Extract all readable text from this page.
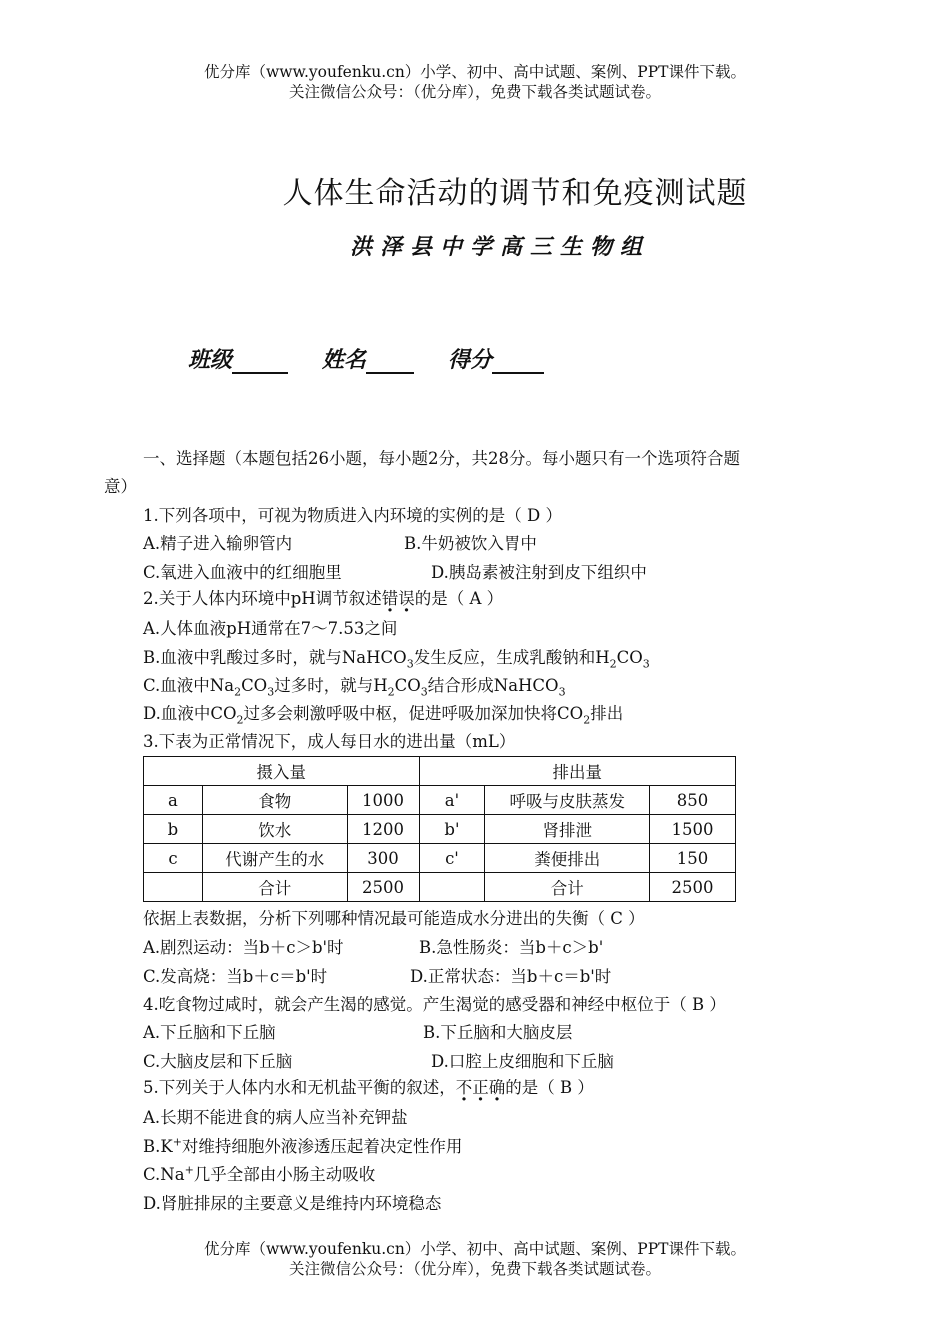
优分库（www.youfenku.cn）小学、初中、高中试题、案例、PPT课件下载。
关注微信公众号：（优分库），免费下载各类试题试卷。
人体生命活动的调节和免疫测试题
洪泽县中学高三生物组
班级	姓名	得分
一、选择题（本题包括26小题，每小题2分，共28分。每小题只有一个选项符合题
意）
1.下列各项中，可视为物质进入内环境的实例的是（ D ）
A.精子进入输卵管内	B.牛奶被饮入胃中
C.氧进入血液中的红细胞里	D.胰岛素被注射到皮下组织中
2.关于人体内环境中pH调节叙述错误的是（ A ）
A.人体血液pH通常在7～7.53之间
B.血液中乳酸过多时，就与NaHCO$_3$发生反应，生成乳酸钠和$H_2CO_3$
C.血液中$Na_2CO_3$过多时，就与$H_2CO_3$结合形成NaHCO$_3$
D.血液中$CO_2$过多会刺激呼吸中枢，促进呼吸加深加快将$CO_2$排出
3.下表为正常情况下，成人每日水的进出量（mL）
摄入量			排出量		
a	食物	1000	a'	呼吸与皮肤蒸发	850
b	饮水	1200	b'	肾排泄	1500
c	代谢产生的水	300	c'	粪便排出	150
	合计	2500		合计	2500
依据上表数据，分析下列哪种情况最可能造成水分进出的失衡（ C ）
A.剧烈运动：当b＋c＞b'时	B.急性肠炎：当b＋c＞b'
C.发高烧：当b＋c＝b'时	D.正常状态：当b＋c＝b'时
4.吃食物过咸时，就会产生渴的感觉。产生渴觉的感受器和神经中枢位于（ B ）
A.下丘脑和下丘脑	B.下丘脑和大脑皮层
C.大脑皮层和下丘脑	D.口腔上皮细胞和下丘脑
5.下列关于人体内水和无机盐平衡的叙述，不正确的是（ B ）
A.长期不能进食的病人应当补充钾盐
B.K+对维持细胞外液渗透压起着决定性作用
C.Na+几乎全部由小肠主动吸收
D.肾脏排尿的主要意义是维持内环境稳态
优分库（www.youfenku.cn）小学、初中、高中试题、案例、PPT课件下载。
关注微信公众号：（优分库），免费下载各类试题试卷。
